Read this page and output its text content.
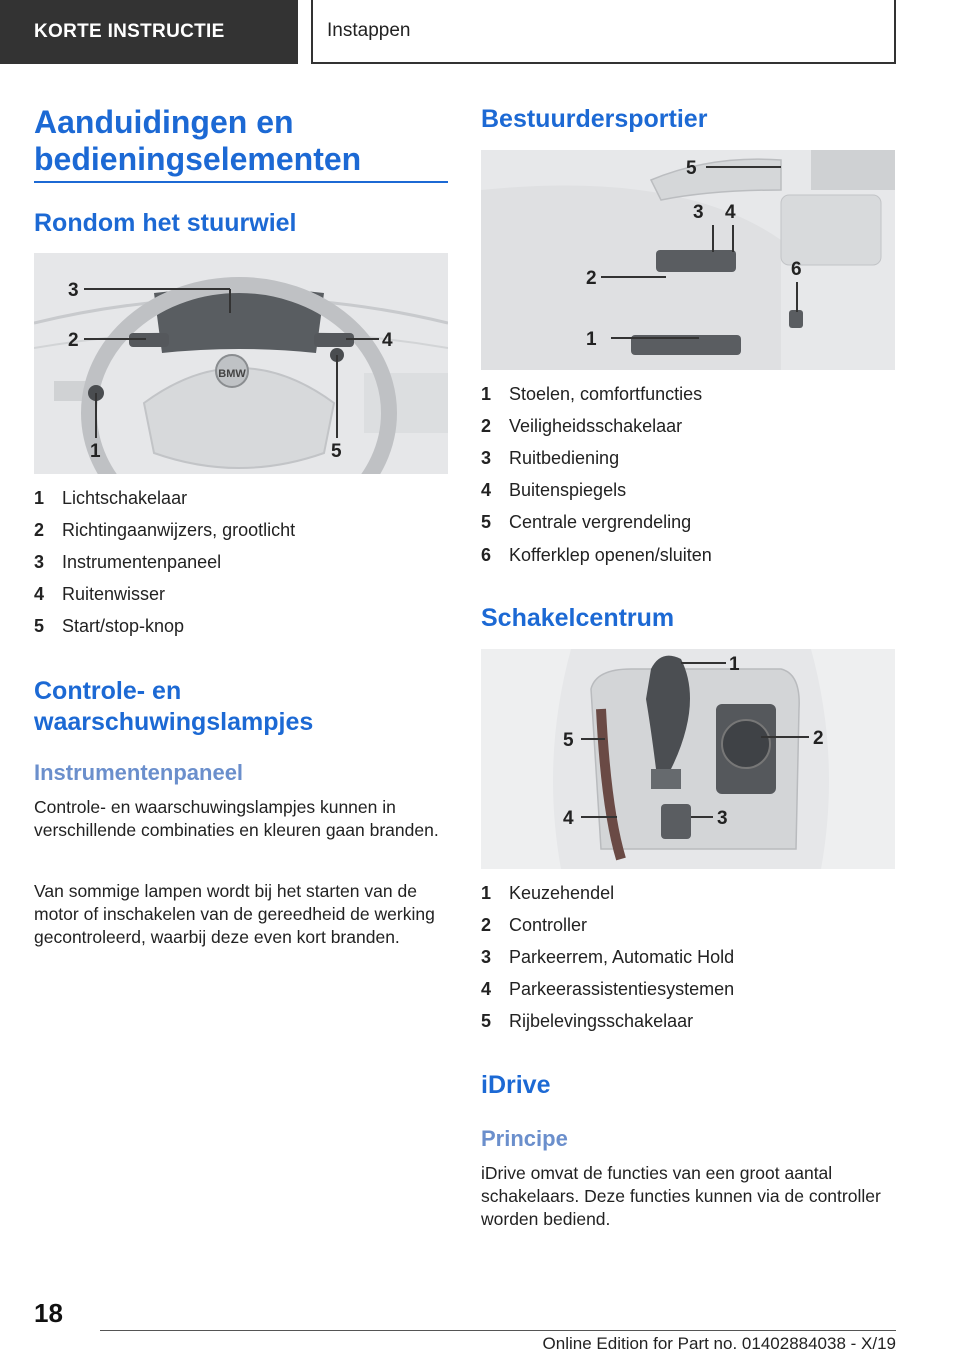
KORTE INSTRUCTIE	Instappen
Aanduidingen en bedieningselementen
Rondom het stuurwiel
BMW
3
2	4
1	5
1 Lichtschakelaar
2 Richtingaanwijzers, grootlicht
3 Instrumentenpaneel
4 Ruitenwisser
5 Start/stop-knop
Controle- en waarschuwingslampjes
Instrumentenpaneel

Controle- en waarschuwingslampjes kunnen in verschillende combinaties en kleuren gaan branden.

Van sommige lampen wordt bij het starten van de motor of inschakelen van de gereedheid de werking gecontroleerd, waarbij deze even kort branden.

Bestuurdersportier
5
3 4
2	6
1
1 Stoelen, comfortfuncties
2 Veiligheidsschakelaar
3 Ruitbediening
4 Buitenspiegels
5 Centrale vergrendeling
6 Kofferklep openen/sluiten
Schakelcentrum
1
2
3
4
5
1 Keuzehendel
2 Controller
3 Parkeerrem, Automatic Hold
4 Parkeerassistentiesystemen
5 Rijbelevingsschakelaar
iDrive
Principe

iDrive omvat de functies van een groot aantal schakelaars. Deze functies kunnen via de controller worden bediend.

18
Online Edition for Part no. 01402884038 - X/19
